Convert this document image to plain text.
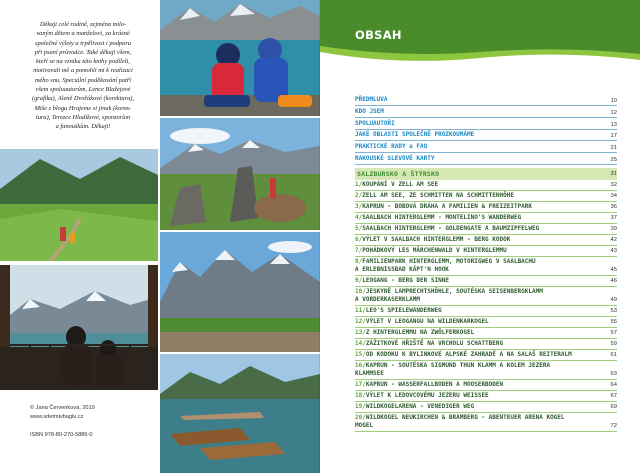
Děkuji celé rodině, zejména milo-
vaným dětem a manželovi, za krásné
společné výlety a trpělivost i podporu
při psaní průvodce. Také děkuji všem,
kteří se na vzniku této knihy podíleli,
motivovali mě a pomohli mi k realizaci
mého snu. Speciální poděkování patří
všem spoluautorům, Lence Blažejové
(grafika), Aleně Dvořákové (korektura),
Miše z blogu Hrajeme si jinak (koreк-
tura), Terezce Hladíkové, sponzorům
a fanouškům. Děkuji!
© Jana Červenková, 2019
www.sdetmivbaglu.cz
ISBN 978-80-270-5886-0
OBSAH
PŘEDMLUVA	10
KDO JSEM	12
SPOLUAUTOŘI	13
JAKÉ OBLASTI SPOLEČNĚ PROZKOUMÁME	17
PRAKTICKÉ RADY a FAQ	21
RAKOUSKÉ SLEVOVÉ KARTY	25
SALZBURSKO A ŠTÝRSKO	31
1/KOUPÁNÍ V ZELL AM SEE	32
2/ZELL AM SEE, ZE SCHMITTEN NA SCHMITTENHÖHE	34
3/KAPRUN - BOBOVÁ DRÁHA A FAMILIEN & FREIZEITPARK	36
4/SAALBACH HINTERGLEMM - MONTELINO'S WANDERWEG	37
5/SAALBACH HINTERGLEMM - GOLDENGATE A BAUMZIPFELWEG	39
6/VÝLET V SAALBACH HINTERGLEMM - BERG KODOK	42
7/POHÁDKOVÝ LES MÄRCHENWALD V HINTERGLEMMU	43
8/FAMILIENPARK HINTERGLEMM, MOTORIGWEG V SAALBACHU
A ERLEBNISSBAD KÄPT'N HOOK	45
9/LEOGANG - BERG DER SINNE	46
10/JESKYNĚ LAMPRECHTSHÖHLE, SOUTĚSKA SEISENBERGKLAMM
A VORDERKASERKLAMM	49
11/LEO'S SPIELEWANDERWEG	53
12/VÝLET V LEOGANGU NA WILDENKARKOGEL	55
13/Z HINTERGLEMMU NA ZWÖLFERKOGEL	57
14/ZÁŽITKOVÉ HŘIŠTĚ NA VRCHOLU SCHATTBERG	59
15/OD KODOKU K BYLINKOVÉ ALPSKÉ ZAHRADĚ A NA SALAŠ REITERALM	61
16/KAPRUN - SOUTĚSKA SIGMUND THUN KLAMM A KOLEM JEZERA
KLAMMSEE	63
17/KAPRUN - WASSERFALLBODEN A MOOSERBODEN	64
18/VÝLET K LEDOVCOVÉMU JEZERU WEISSEE	67
19/WILDKOGELARENA - VENEDIGER WEG	69
20/WILDKOGEL NEUKIRCHEN & BRAMBERG - ABENTEUER ARENA KOGEL
MOGEL	72
